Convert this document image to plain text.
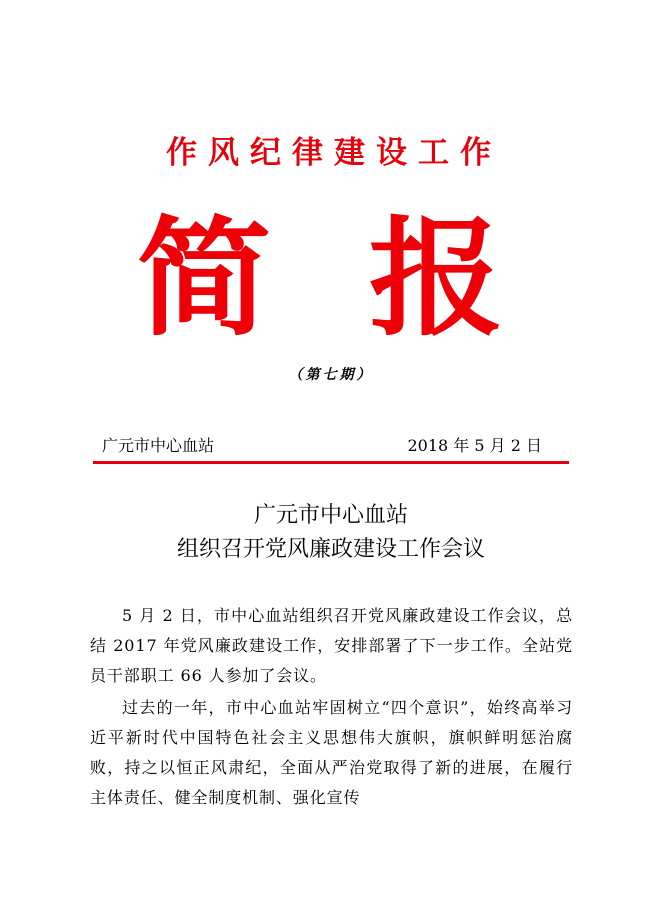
作风纪律建设工作
简 报
（第七期）
广元市中心血站	2018 年 5 月 2 日
广元市中心血站
组织召开党风廉政建设工作会议

5 月 2 日，市中心血站组织召开党风廉政建设工作会议，总结 2017 年党风廉政建设工作，安排部署了下一步工作。全站党员干部职工 66 人参加了会议。

过去的一年，市中心血站牢固树立“四个意识”，始终高举习近平新时代中国特色社会主义思想伟大旗帜，旗帜鲜明惩治腐败，持之以恒正风肃纪，全面从严治党取得了新的进展，在履行主体责任、健全制度机制、强化宣传
